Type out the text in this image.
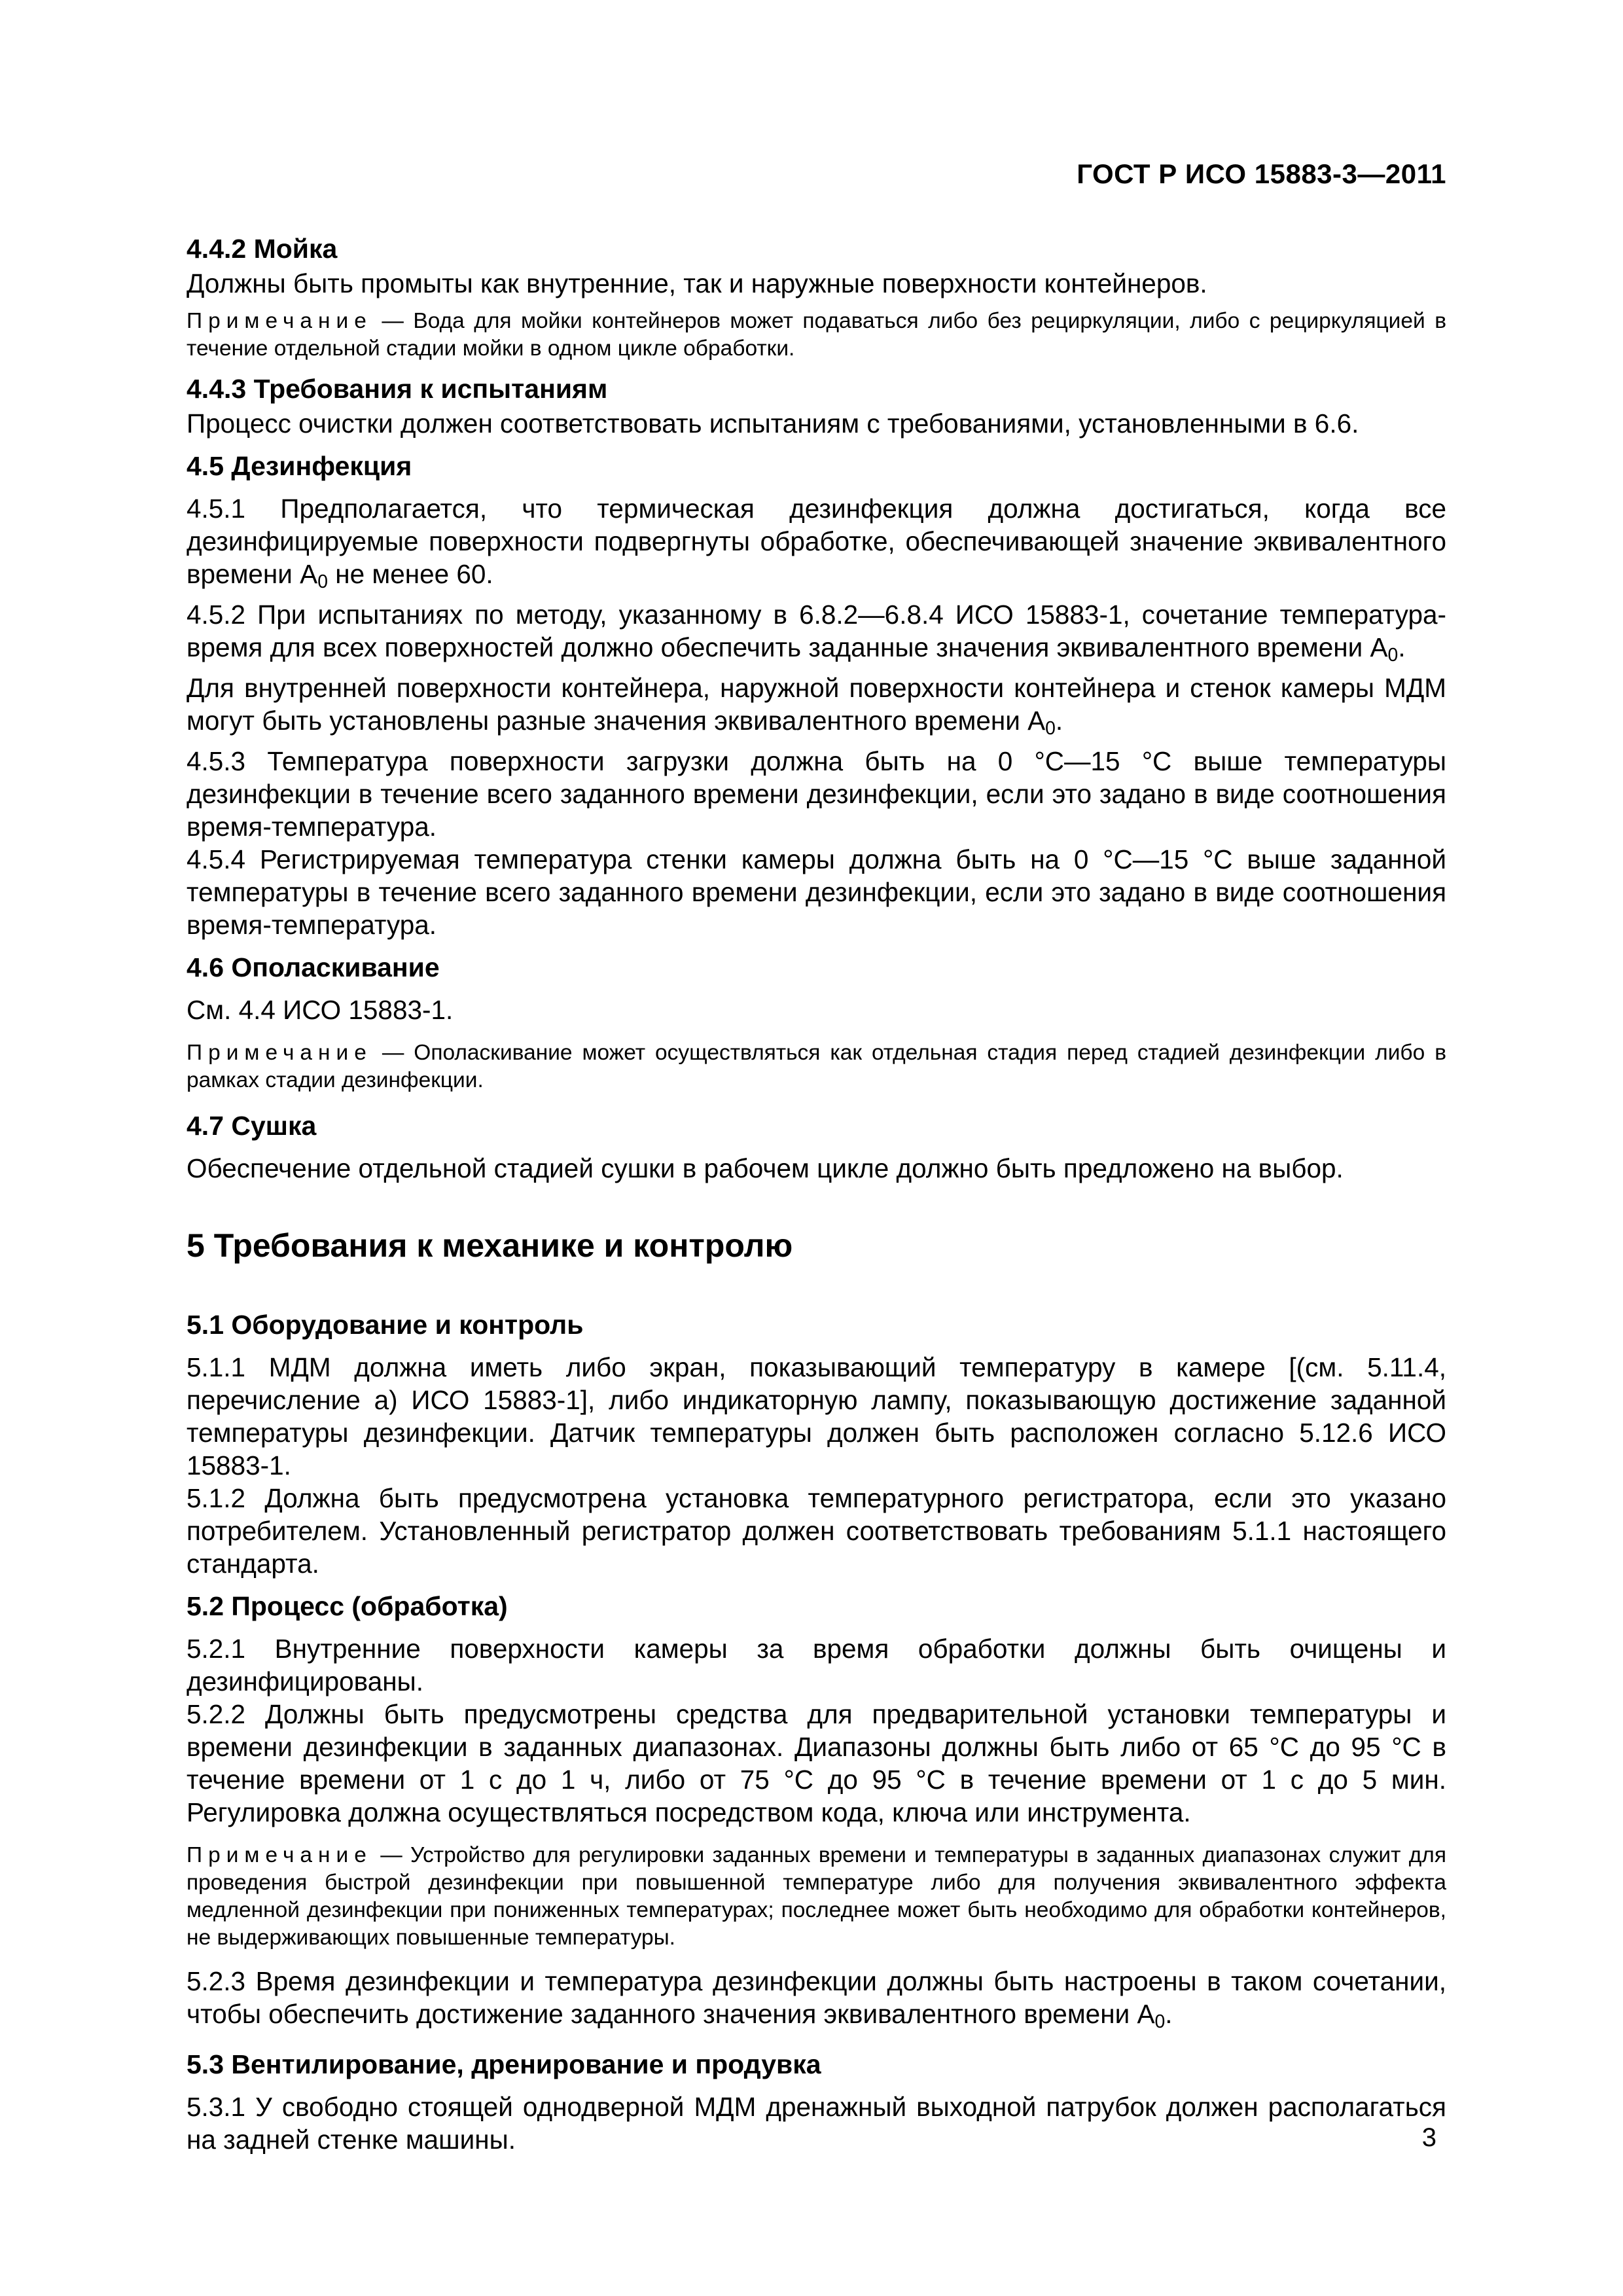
ГОСТ Р ИСО 15883-3—2011
4.4.2 Мойка

Должны быть промыты как внутренние, так и наружные поверхности контейнеров.

Примечание — Вода для мойки контейнеров может подаваться либо без рециркуляции, либо с рециркуляцией в течение отдельной стадии мойки в одном цикле обработки.

4.4.3 Требования к испытаниям

Процесс очистки должен соответствовать испытаниям с требованиями, установленными в 6.6.

4.5 Дезинфекция

4.5.1 Предполагается, что термическая дезинфекция должна достигаться, когда все дезинфицируемые поверхности подвергнуты обработке, обеспечивающей значение эквивалентного времени $A_0$ не менее 60.

4.5.2 При испытаниях по методу, указанному в 6.8.2—6.8.4 ИСО 15883-1, сочетание температура-время для всех поверхностей должно обеспечить заданные значения эквивалентного времени $A_0$.

Для внутренней поверхности контейнера, наружной поверхности контейнера и стенок камеры МДМ могут быть установлены разные значения эквивалентного времени $A_0$.

4.5.3 Температура поверхности загрузки должна быть на 0 °С—15 °С выше температуры дезинфекции в течение всего заданного времени дезинфекции, если это задано в виде соотношения время-температура.

4.5.4 Регистрируемая температура стенки камеры должна быть на 0 °С—15 °С выше заданной температуры в течение всего заданного времени дезинфекции, если это задано в виде соотношения время-температура.

4.6 Ополаскивание

См. 4.4 ИСО 15883-1.

Примечание — Ополаскивание может осуществляться как отдельная стадия перед стадией дезинфекции либо в рамках стадии дезинфекции.

4.7 Сушка

Обеспечение отдельной стадией сушки в рабочем цикле должно быть предложено на выбор.

5 Требования к механике и контролю
5.1 Оборудование и контроль

5.1.1 МДМ должна иметь либо экран, показывающий температуру в камере [(см. 5.11.4, перечисление а) ИСО 15883-1], либо индикаторную лампу, показывающую достижение заданной температуры дезинфекции. Датчик температуры должен быть расположен согласно 5.12.6 ИСО 15883-1.

5.1.2 Должна быть предусмотрена установка температурного регистратора, если это указано потребителем. Установленный регистратор должен соответствовать требованиям 5.1.1 настоящего стандарта.

5.2 Процесс (обработка)

5.2.1 Внутренние поверхности камеры за время обработки должны быть очищены и дезинфицированы.

5.2.2 Должны быть предусмотрены средства для предварительной установки температуры и времени дезинфекции в заданных диапазонах. Диапазоны должны быть либо от 65 °С до 95 °С в течение времени от 1 с до 1 ч, либо от 75 °С до 95 °С в течение времени от 1 с до 5 мин. Регулировка должна осуществляться посредством кода, ключа или инструмента.

Примечание — Устройство для регулировки заданных времени и температуры в заданных диапазонах служит для проведения быстрой дезинфекции при повышенной температуре либо для получения эквивалентного эффекта медленной дезинфекции при пониженных температурах; последнее может быть необходимо для обработки контейнеров, не выдерживающих повышенные температуры.

5.2.3 Время дезинфекции и температура дезинфекции должны быть настроены в таком сочетании, чтобы обеспечить достижение заданного значения эквивалентного времени $A_0$.

5.3 Вентилирование, дренирование и продувка

5.3.1 У свободно стоящей однодверной МДМ дренажный выходной патрубок должен располагаться на задней стенке машины.	3
